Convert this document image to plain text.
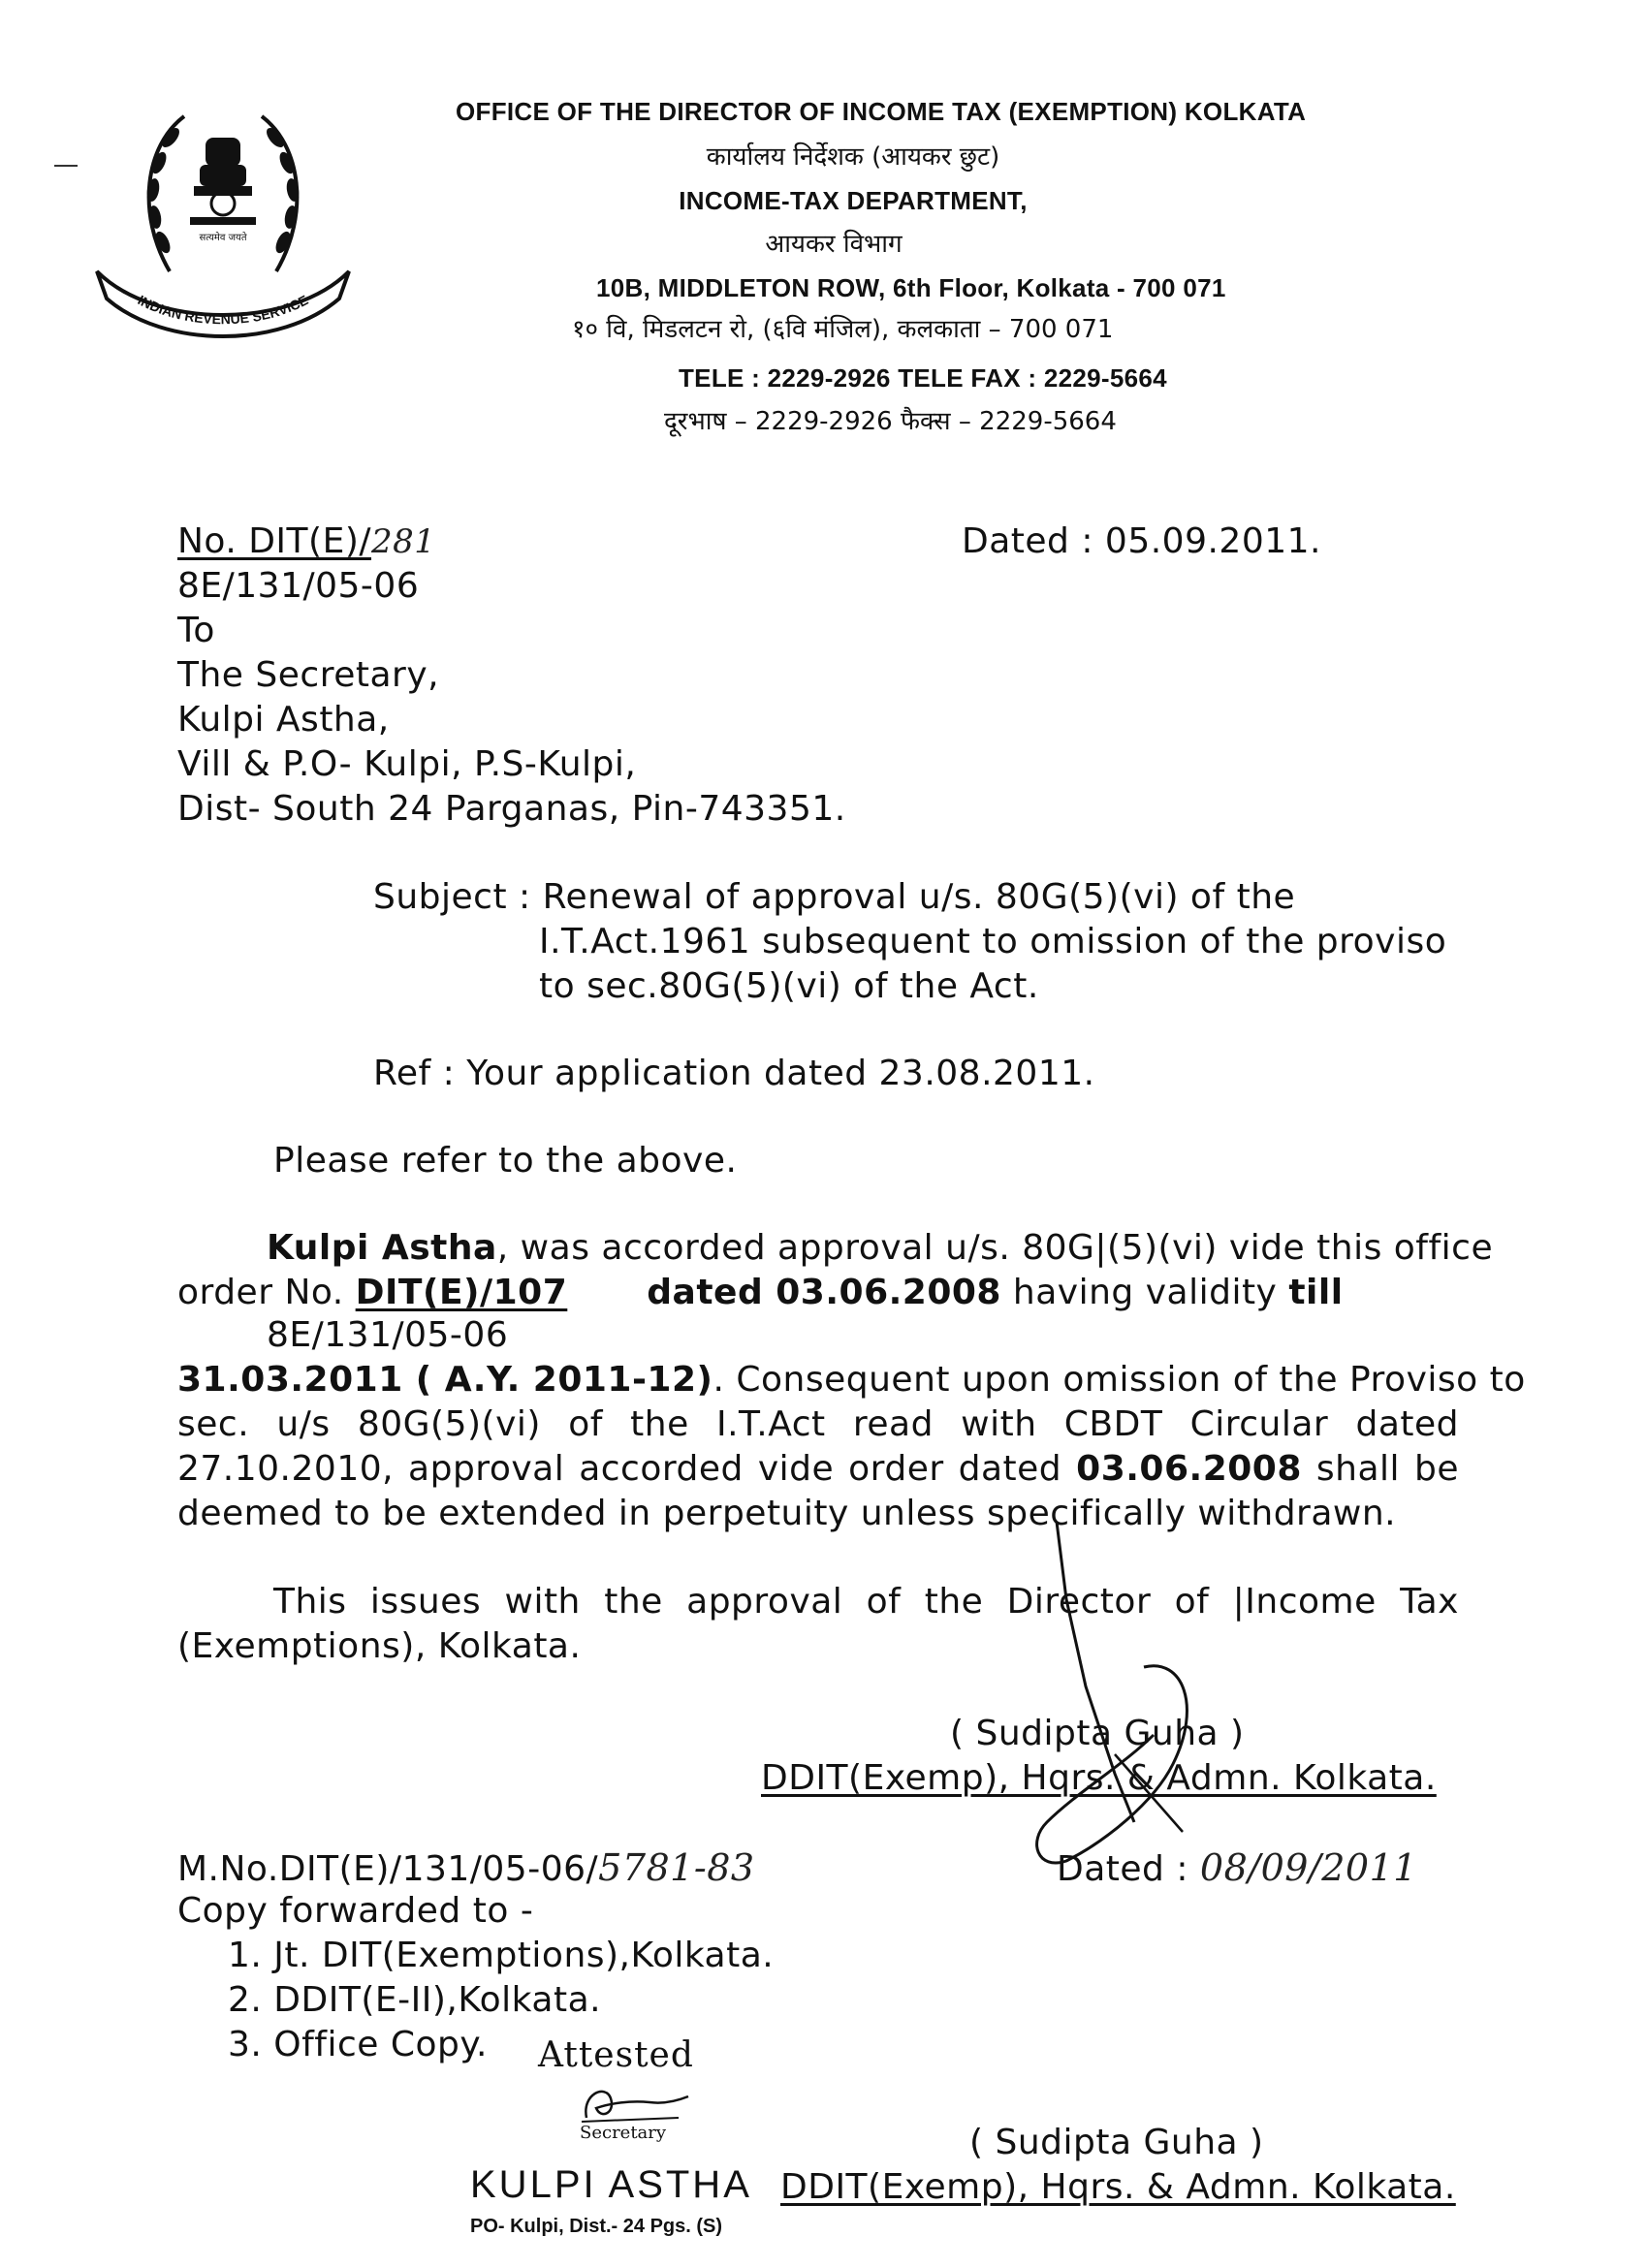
सत्यमेव जयते
INDIAN REVENUE SERVICE
OFFICE OF THE DIRECTOR OF INCOME TAX (EXEMPTION) KOLKATA
कार्यालय निर्देशक (आयकर छुट)
INCOME-TAX DEPARTMENT,
आयकर विभाग
10B, MIDDLETON ROW, 6th Floor, Kolkata - 700 071
१० वि, मिडलटन रो, (६वि मंजिल), कलकाता – 700 071
TELE : 2229-2926 TELE FAX : 2229-5664
दूरभाष – 2229-2926 फैक्स – 2229-5664
No. DIT(E)/281	Dated : 05.09.2011.
8E/131/05-06
To
The Secretary,
Kulpi Astha,
Vill & P.O- Kulpi, P.S-Kulpi,
Dist- South 24 Parganas, Pin-743351.
Subject : Renewal of approval u/s. 80G(5)(vi) of the
I.T.Act.1961 subsequent to omission of the proviso
to sec.80G(5)(vi) of the Act.
Ref : Your application dated 23.08.2011.
Please refer to the above.
Kulpi Astha, was accorded approval u/s. 80G|(5)(vi) vide this office
order No. DIT(E)/107 dated 03.06.2008 having validity till
8E/131/05-06
31.03.2011 ( A.Y. 2011-12). Consequent upon omission of the Proviso to
sec. u/s 80G(5)(vi) of the I.T.Act read with CBDT Circular dated
27.10.2010, approval accorded vide order dated 03.06.2008 shall be
deemed to be extended in perpetuity unless specifically withdrawn.
This issues with the approval of the Director of |Income Tax
(Exemptions), Kolkata.
( Sudipta Guha )
DDIT(Exemp), Hqrs. & Admn. Kolkata.
M.No.DIT(E)/131/05-06/5781-83	Dated : 08/09/2011
Copy forwarded to -
1. Jt. DIT(Exemptions),Kolkata.
2. DDIT(E-II),Kolkata.
3. Office Copy. Attested
Secretary	( Sudipta Guha )
KULPI ASTHA DDIT(Exemp), Hqrs. & Admn. Kolkata.
PO- Kulpi, Dist.- 24 Pgs. (S)
